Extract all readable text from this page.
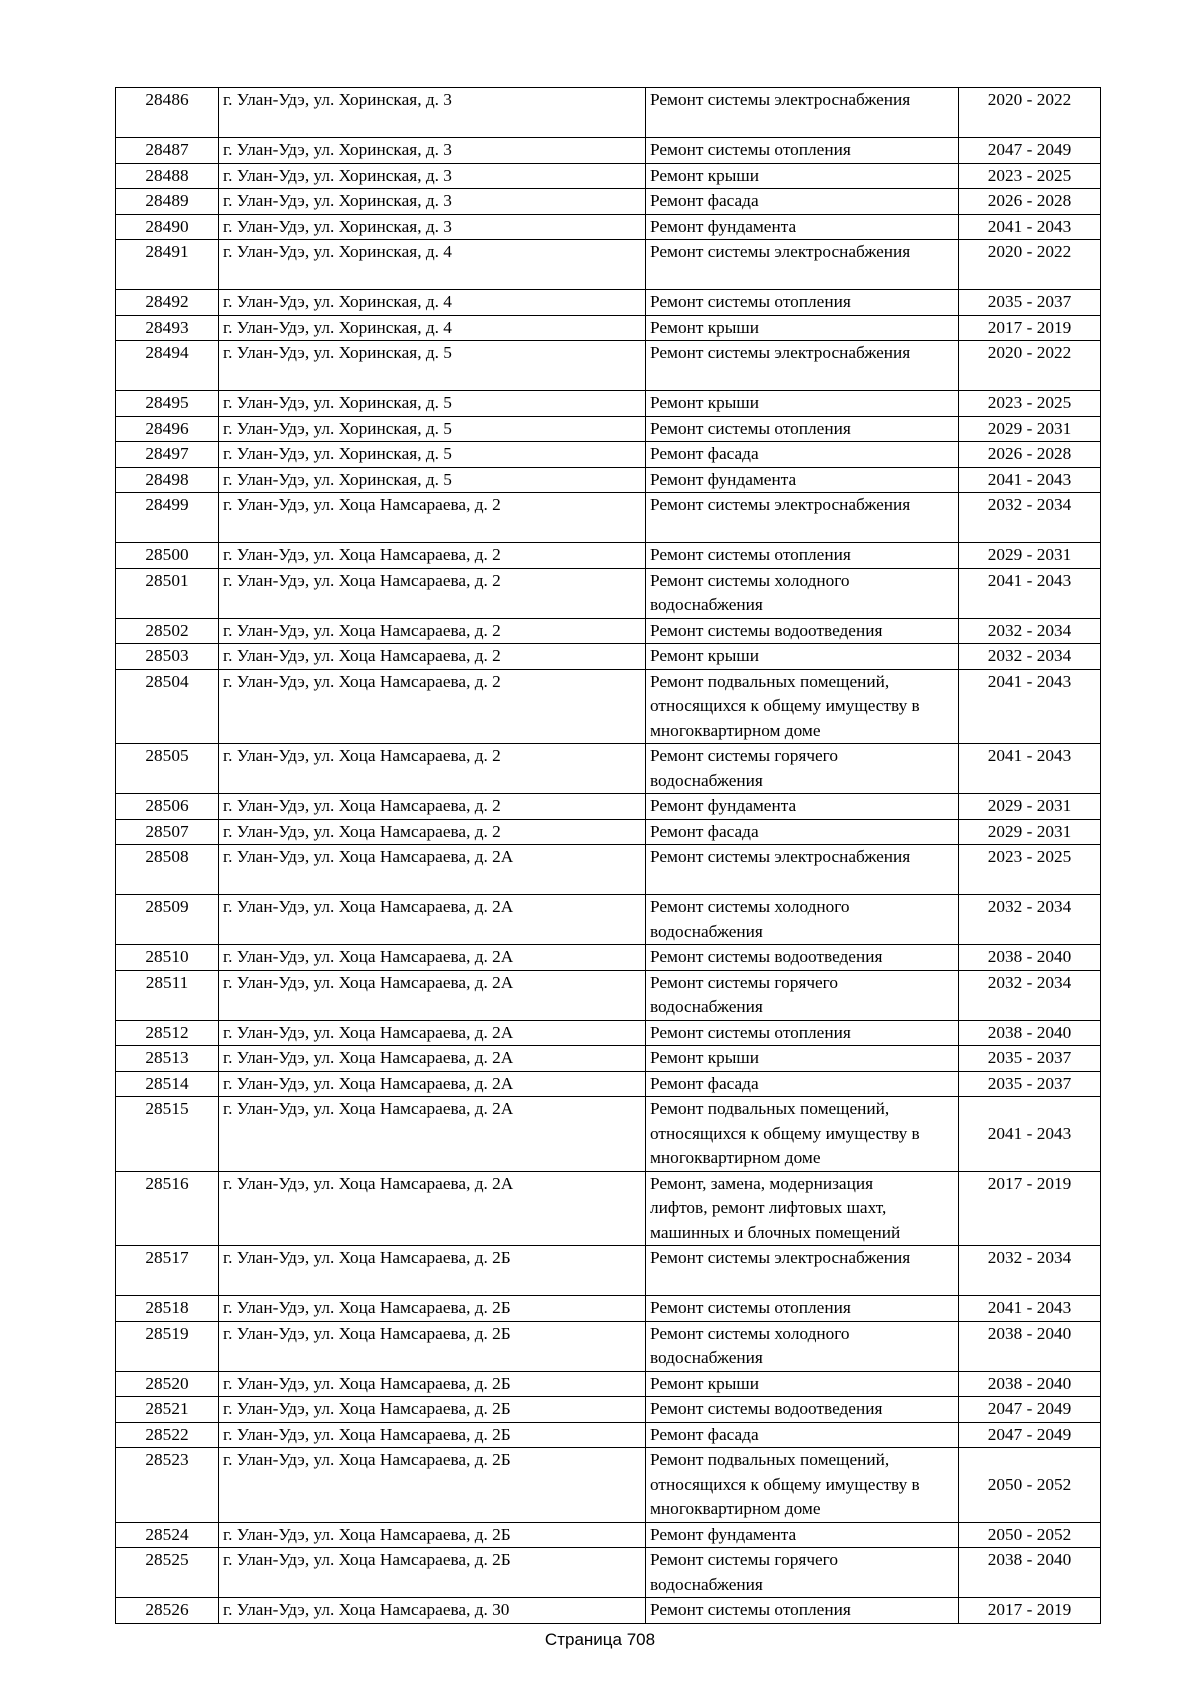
28486	г. Улан-Удэ, ул. Хоринская, д. 3	Ремонт системы электроснабжения	2020 - 2022
28487	г. Улан-Удэ, ул. Хоринская, д. 3	Ремонт системы отопления	2047 - 2049
28488	г. Улан-Удэ, ул. Хоринская, д. 3	Ремонт крыши	2023 - 2025
28489	г. Улан-Удэ, ул. Хоринская, д. 3	Ремонт фасада	2026 - 2028
28490	г. Улан-Удэ, ул. Хоринская, д. 3	Ремонт фундамента	2041 - 2043
28491	г. Улан-Удэ, ул. Хоринская, д. 4	Ремонт системы электроснабжения	2020 - 2022
28492	г. Улан-Удэ, ул. Хоринская, д. 4	Ремонт системы отопления	2035 - 2037
28493	г. Улан-Удэ, ул. Хоринская, д. 4	Ремонт крыши	2017 - 2019
28494	г. Улан-Удэ, ул. Хоринская, д. 5	Ремонт системы электроснабжения	2020 - 2022
28495	г. Улан-Удэ, ул. Хоринская, д. 5	Ремонт крыши	2023 - 2025
28496	г. Улан-Удэ, ул. Хоринская, д. 5	Ремонт системы отопления	2029 - 2031
28497	г. Улан-Удэ, ул. Хоринская, д. 5	Ремонт фасада	2026 - 2028
28498	г. Улан-Удэ, ул. Хоринская, д. 5	Ремонт фундамента	2041 - 2043
28499	г. Улан-Удэ, ул. Хоца Намсараева, д. 2	Ремонт системы электроснабжения	2032 - 2034
28500	г. Улан-Удэ, ул. Хоца Намсараева, д. 2	Ремонт системы отопления	2029 - 2031
28501	г. Улан-Удэ, ул. Хоца Намсараева, д. 2	Ремонт системы холодного
водоснабжения	2041 - 2043
28502	г. Улан-Удэ, ул. Хоца Намсараева, д. 2	Ремонт системы водоотведения	2032 - 2034
28503	г. Улан-Удэ, ул. Хоца Намсараева, д. 2	Ремонт крыши	2032 - 2034
28504	г. Улан-Удэ, ул. Хоца Намсараева, д. 2	Ремонт подвальных помещений,
относящихся к общему имуществу в
многоквартирном доме	2041 - 2043
28505	г. Улан-Удэ, ул. Хоца Намсараева, д. 2	Ремонт системы горячего
водоснабжения	2041 - 2043
28506	г. Улан-Удэ, ул. Хоца Намсараева, д. 2	Ремонт фундамента	2029 - 2031
28507	г. Улан-Удэ, ул. Хоца Намсараева, д. 2	Ремонт фасада	2029 - 2031
28508	г. Улан-Удэ, ул. Хоца Намсараева, д. 2А	Ремонт системы электроснабжения	2023 - 2025
28509	г. Улан-Удэ, ул. Хоца Намсараева, д. 2А	Ремонт системы холодного
водоснабжения	2032 - 2034
28510	г. Улан-Удэ, ул. Хоца Намсараева, д. 2А	Ремонт системы водоотведения	2038 - 2040
28511	г. Улан-Удэ, ул. Хоца Намсараева, д. 2А	Ремонт системы горячего
водоснабжения	2032 - 2034
28512	г. Улан-Удэ, ул. Хоца Намсараева, д. 2А	Ремонт системы отопления	2038 - 2040
28513	г. Улан-Удэ, ул. Хоца Намсараева, д. 2А	Ремонт крыши	2035 - 2037
28514	г. Улан-Удэ, ул. Хоца Намсараева, д. 2А	Ремонт фасада	2035 - 2037
28515	г. Улан-Удэ, ул. Хоца Намсараева, д. 2А	Ремонт подвальных помещений,
относящихся к общему имуществу в
многоквартирном доме	2041 - 2043
28516	г. Улан-Удэ, ул. Хоца Намсараева, д. 2А	Ремонт, замена, модернизация
лифтов, ремонт лифтовых шахт,
машинных и блочных помещений	2017 - 2019
28517	г. Улан-Удэ, ул. Хоца Намсараева, д. 2Б	Ремонт системы электроснабжения	2032 - 2034
28518	г. Улан-Удэ, ул. Хоца Намсараева, д. 2Б	Ремонт системы отопления	2041 - 2043
28519	г. Улан-Удэ, ул. Хоца Намсараева, д. 2Б	Ремонт системы холодного
водоснабжения	2038 - 2040
28520	г. Улан-Удэ, ул. Хоца Намсараева, д. 2Б	Ремонт крыши	2038 - 2040
28521	г. Улан-Удэ, ул. Хоца Намсараева, д. 2Б	Ремонт системы водоотведения	2047 - 2049
28522	г. Улан-Удэ, ул. Хоца Намсараева, д. 2Б	Ремонт фасада	2047 - 2049
28523	г. Улан-Удэ, ул. Хоца Намсараева, д. 2Б	Ремонт подвальных помещений,
относящихся к общему имуществу в
многоквартирном доме	2050 - 2052
28524	г. Улан-Удэ, ул. Хоца Намсараева, д. 2Б	Ремонт фундамента	2050 - 2052
28525	г. Улан-Удэ, ул. Хоца Намсараева, д. 2Б	Ремонт системы горячего
водоснабжения	2038 - 2040
28526	г. Улан-Удэ, ул. Хоца Намсараева, д. 30	Ремонт системы отопления	2017 - 2019
Страница 708
